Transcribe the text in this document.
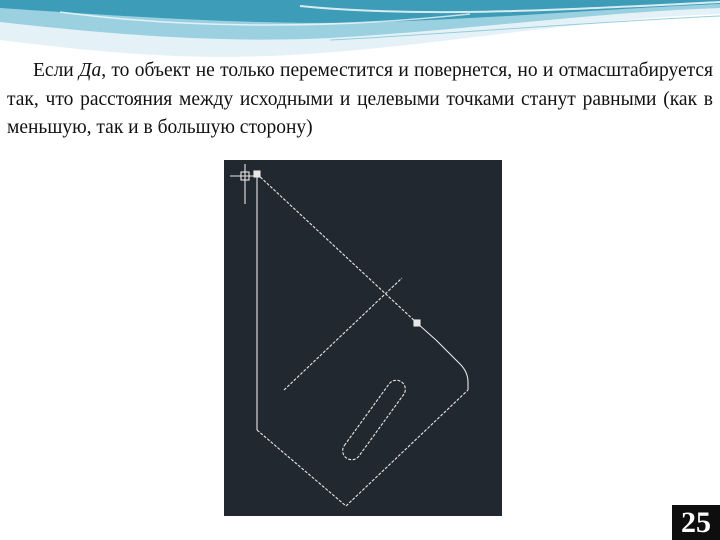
Если Да, то объект не только переместится и повернется, но и отмасштабируется так, что расстояния между исходными и целевыми точками станут равными (как в меньшую, так и в большую сторону)

25
